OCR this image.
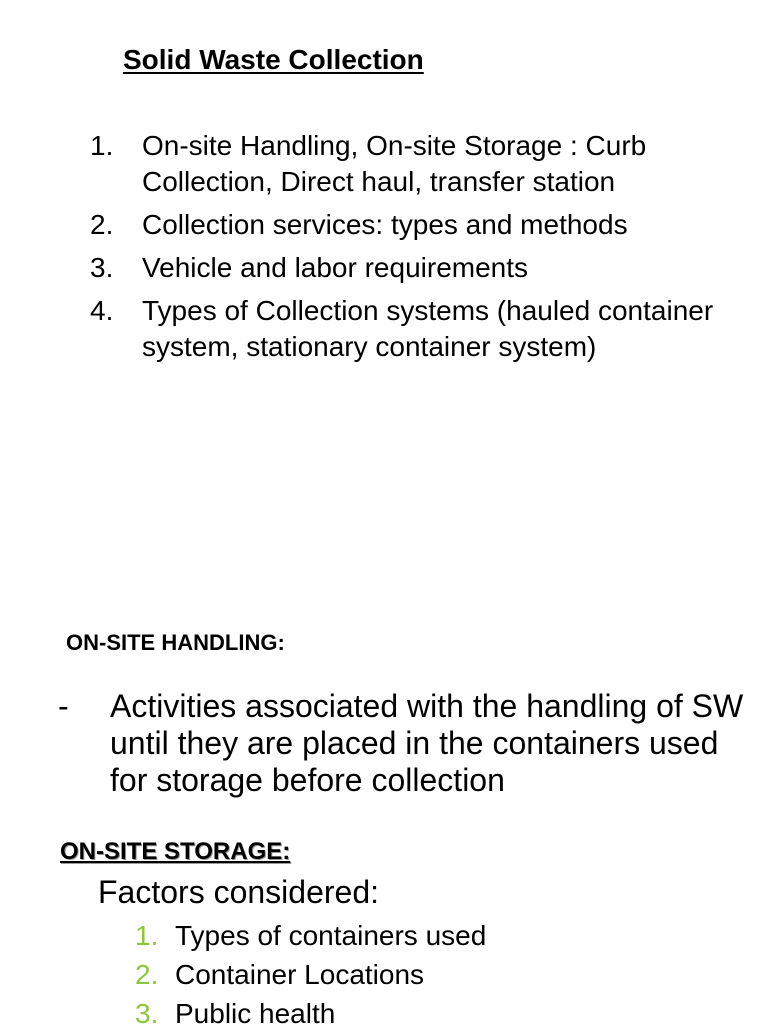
Solid Waste Collection
1. On-site Handling, On-site Storage : Curb Collection, Direct haul, transfer station
2. Collection services: types and methods
3. Vehicle and labor requirements
4. Types of Collection systems (hauled container system, stationary container system)
ON-SITE HANDLING:
- Activities associated with the handling of SW until they are placed in the containers used for storage before collection
ON-SITE STORAGE:
Factors considered:
1. Types of containers used
2. Container Locations
3. Public health
